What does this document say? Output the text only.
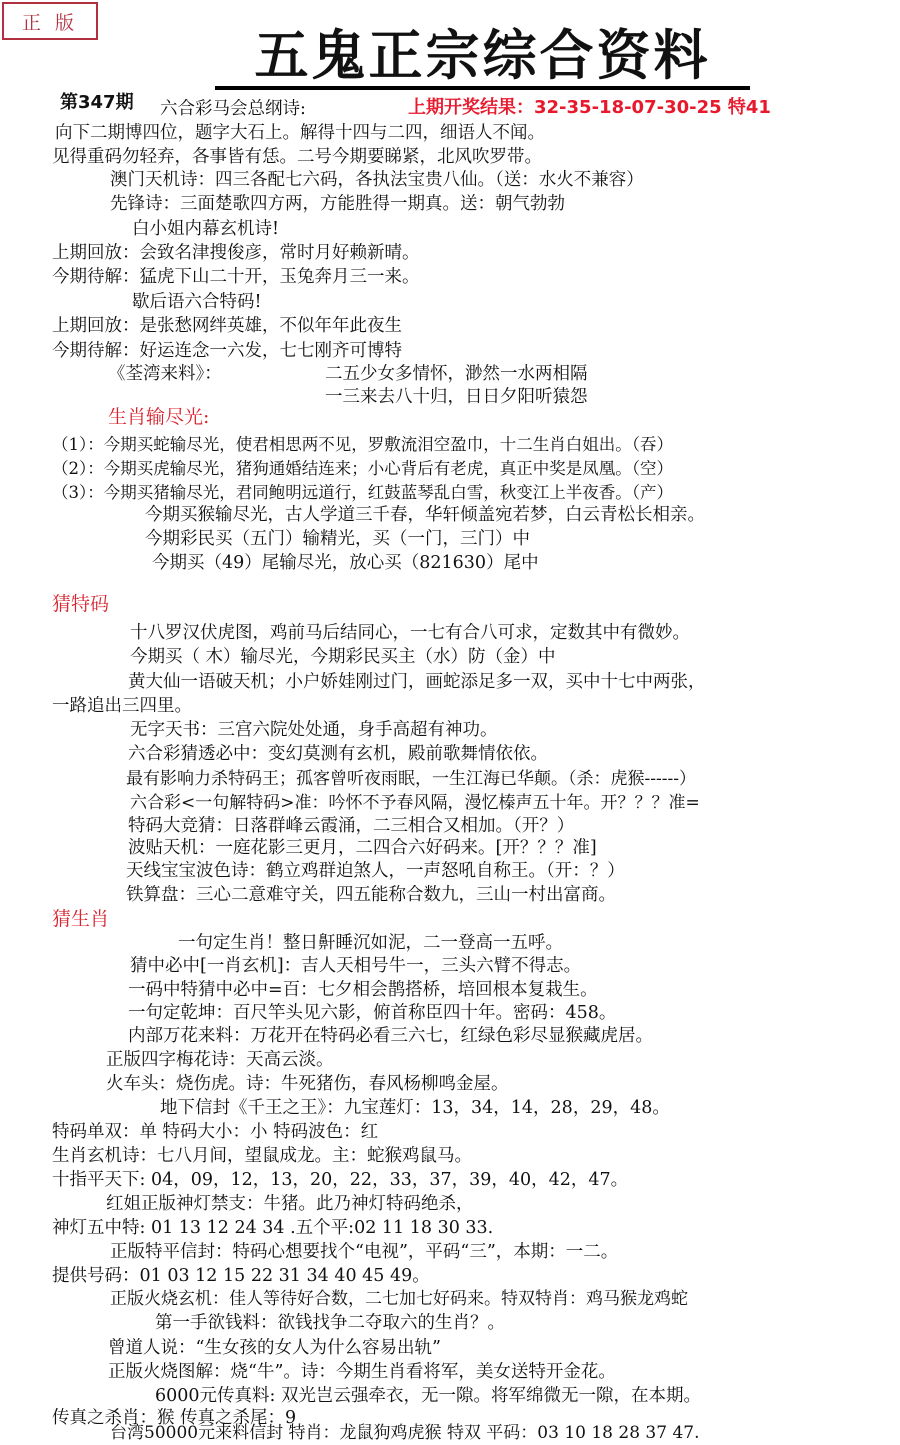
正 版
五鬼正宗综合资料
第347期	上期开奖结果：32-35-18-07-30-25 特41
六合彩马会总纲诗:
向下二期博四位，题字大石上。解得十四与二四，细语人不闻。
见得重码勿轻弃，各事皆有恁。二号今期要睇紧，北风吹罗带。
澳门天机诗：四三各配七六码，各执法宝贵八仙。（送：水火不兼容）
先锋诗：三面楚歌四方两，方能胜得一期真。送：朝气勃勃
白小姐内幕玄机诗!
上期回放：会致名津搜俊彦，常时月好赖新晴。
今期待解：猛虎下山二十开，玉兔奔月三一来。
歇后语六合特码!
上期回放：是张愁网绊英雄，不似年年此夜生
今期待解：好运连念一六发，七七刚齐可博特
《荃湾来料》：	二五少女多情怀，渺然一水两相隔
一三来去八十归，日日夕阳听猿怨
生肖输尽光:
（1）：今期买蛇输尽光，使君相思两不见，罗敷流泪空盈巾，十二生肖白姐出。（吞）
（2）：今期买虎输尽光，猪狗通婚结连来；小心背后有老虎，真正中奖是凤凰。（空）
（3）：今期买猪输尽光，君同鲍明远道行，红鼓蓝琴乱白雪，秋变江上半夜香。（产）
今期买猴输尽光，古人学道三千春，华轩倾盖宛若梦，白云青松长相亲。
今期彩民买（五门）输精光，买（一门，三门）中
今期买（49）尾输尽光，放心买（821630）尾中
猜特码
十八罗汉伏虎图，鸡前马后结同心，一七有合八可求，定数其中有微妙。
今期买（ 木）输尽光，今期彩民买主（水）防（金）中
黄大仙一语破天机；小户娇娃刚过门，画蛇添足多一双，买中十七中两张，
一路追出三四里。
无字天书：三宫六院处处通，身手高超有神功。
六合彩猜透必中：变幻莫测有玄机，殿前歌舞情依依。
最有影响力杀特码王；孤客曾听夜雨眠，一生江海已华颠。（杀：虎猴------）
六合彩<一句解特码>准：吟怀不予春风隔，漫忆榛声五十年。开？？？准=
特码大竞猜：日落群峰云霞涌，二三相合又相加。（开？）
波贴天机：一庭花影三更月，二四合六好码来。[开？？？准]
天线宝宝波色诗：鹤立鸡群迫煞人，一声怒吼自称王。（开：？）
铁算盘：三心二意难守关，四五能称合数九，三山一村出富商。
猜生肖
一句定生肖！整日鼾睡沉如泥，二一登高一五呼。
猜中必中[一肖玄机]：吉人天相号牛一，三头六臂不得志。
一码中特猜中必中=百：七夕相会鹊搭桥，培回根本复栽生。
一句定乾坤：百尺竿头见六影，俯首称臣四十年。密码：458。
内部万花来料：万花开在特码必看三六七，红绿色彩尽显猴藏虎居。
正版四字梅花诗：天高云淡。
火车头：烧伤虎。诗：牛死猪伤，春风杨柳鸣金屋。
地下信封《千王之王》：九宝莲灯：13，34，14，28，29，48。
特码单双：单 特码大小：小 特码波色：红
生肖玄机诗：七八月间，望鼠成龙。主：蛇猴鸡鼠马。
十指平天下: 04，09，12，13，20，22，33，37，39，40，42，47。
红姐正版神灯禁支：牛猪。此乃神灯特码绝杀，
神灯五中特: 01 13 12 24 34 .五个平:02 11 18 30 33.
正版特平信封：特码心想要找个“电视”，平码“三”，本期：一二。
提供号码：01 03 12 15 22 31 34 40 45 49。
正版火烧玄机：佳人等待好合数，二七加七好码来。特双特肖：鸡马猴龙鸡蛇
第一手欲钱料：欲钱找争二夺取六的生肖？。
曾道人说：“生女孩的女人为什么容易出轨”
正版火烧图解：烧“牛”。诗：今期生肖看将军，美女送特开金花。
6000元传真料: 双光岂云强牵衣，无一隙。将军绵微无一隙，在本期。
传真之杀肖：猴 传真之杀尾：9
台湾50000元来料信封 特肖：龙鼠狗鸡虎猴 特双 平码：03 10 18 28 37 47.
